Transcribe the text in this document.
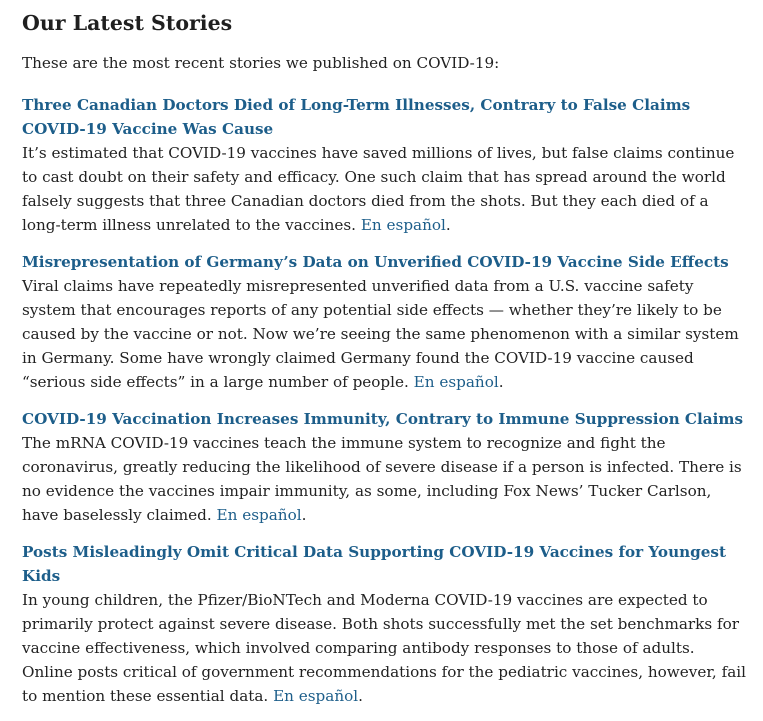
Our Latest Stories

These are the most recent stories we published on COVID-19:

Three Canadian Doctors Died of Long-Term Illnesses, Contrary to False Claims COVID-19 Vaccine Was Cause

It’s estimated that COVID-19 vaccines have saved millions of lives, but false claims continue to cast doubt on their safety and efficacy. One such claim that has spread around the world falsely suggests that three Canadian doctors died from the shots. But they each died of a long-term illness unrelated to the vaccines. En español.

Misrepresentation of Germany’s Data on Unverified COVID-19 Vaccine Side Effects

Viral claims have repeatedly misrepresented unverified data from a U.S. vaccine safety system that encourages reports of any potential side effects — whether they’re likely to be caused by the vaccine or not. Now we’re seeing the same phenomenon with a similar system in Germany. Some have wrongly claimed Germany found the COVID-19 vaccine caused “serious side effects” in a large number of people. En español.

COVID-19 Vaccination Increases Immunity, Contrary to Immune Suppression Claims

The mRNA COVID-19 vaccines teach the immune system to recognize and fight the coronavirus, greatly reducing the likelihood of severe disease if a person is infected. There is no evidence the vaccines impair immunity, as some, including Fox News’ Tucker Carlson, have baselessly claimed. En español.

Posts Misleadingly Omit Critical Data Supporting COVID-19 Vaccines for Youngest Kids

In young children, the Pfizer/BioNTech and Moderna COVID-19 vaccines are expected to primarily protect against severe disease. Both shots successfully met the set benchmarks for vaccine effectiveness, which involved comparing antibody responses to those of adults. Online posts critical of government recommendations for the pediatric vaccines, however, fail to mention these essential data. En español.
